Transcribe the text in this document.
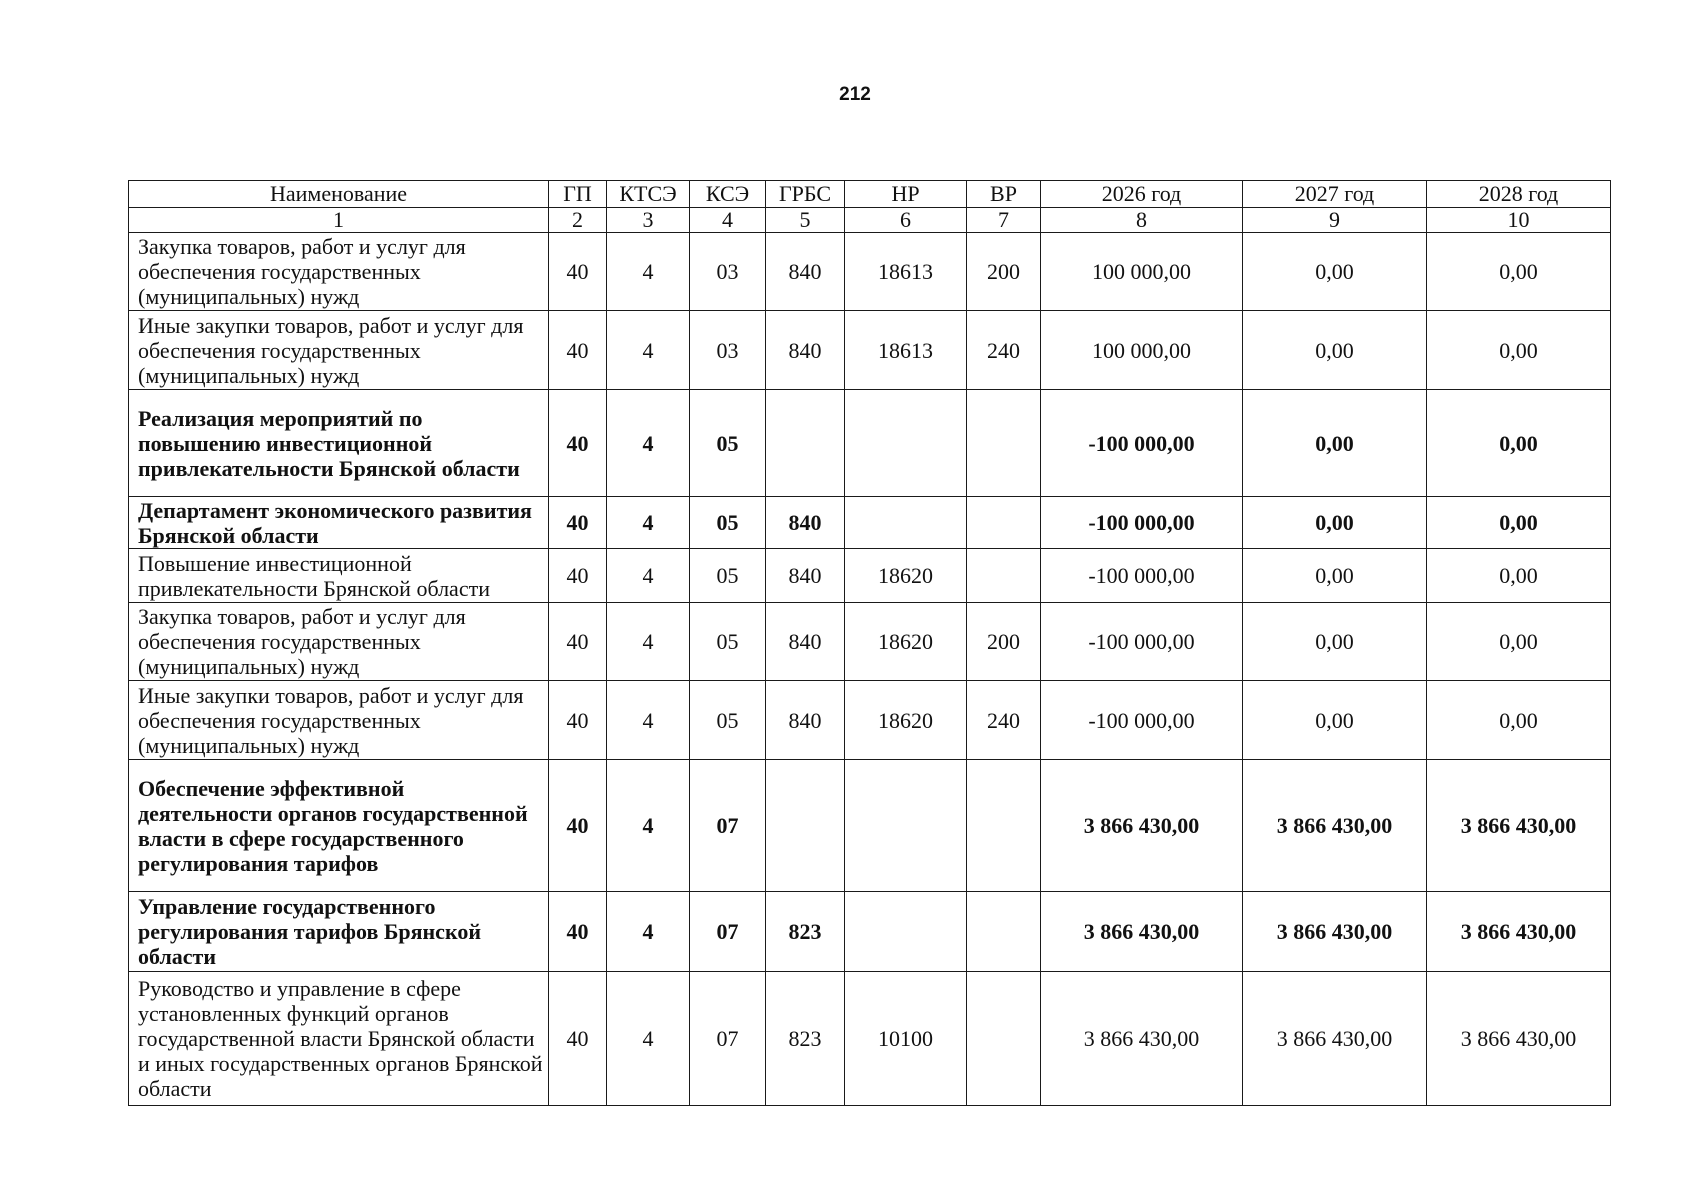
212
Наименование	ГП	КТСЭ	КСЭ	ГРБС	НР	ВР	2026 год	2027 год	2028 год
1	2	3	4	5	6	7	8	9	10
Закупка товаров, работ и услуг для обеспечения государственных (муниципальных) нужд	40	4	03	840	18613	200	100 000,00	0,00	0,00
Иные закупки товаров, работ и услуг для обеспечения государственных (муниципальных) нужд	40	4	03	840	18613	240	100 000,00	0,00	0,00
Реализация мероприятий по повышению инвестиционной привлекательности Брянской области	40	4	05				-100 000,00	0,00	0,00
Департамент экономического развития Брянской области	40	4	05	840			-100 000,00	0,00	0,00
Повышение инвестиционной привлекательности Брянской области	40	4	05	840	18620		-100 000,00	0,00	0,00
Закупка товаров, работ и услуг для обеспечения государственных (муниципальных) нужд	40	4	05	840	18620	200	-100 000,00	0,00	0,00
Иные закупки товаров, работ и услуг для обеспечения государственных (муниципальных) нужд	40	4	05	840	18620	240	-100 000,00	0,00	0,00
Обеспечение эффективной деятельности органов государственной власти в сфере государственного регулирования тарифов	40	4	07				3 866 430,00	3 866 430,00	3 866 430,00
Управление государственного регулирования тарифов Брянской области	40	4	07	823			3 866 430,00	3 866 430,00	3 866 430,00
Руководство и управление в сфере установленных функций органов государственной власти Брянской области и иных государственных органов Брянской области	40	4	07	823	10100		3 866 430,00	3 866 430,00	3 866 430,00
